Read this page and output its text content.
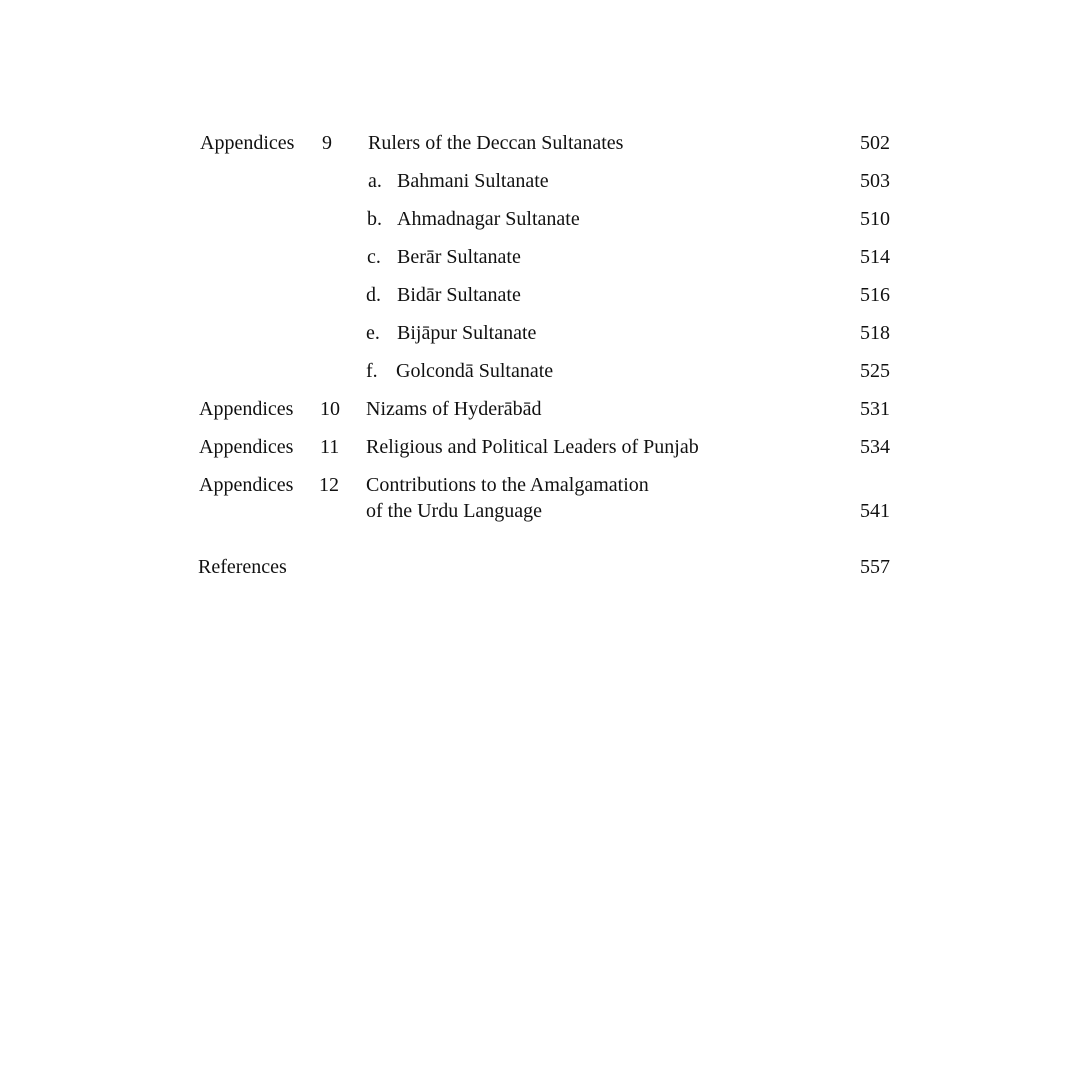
Appendices 9 Rulers of the Deccan Sultanates	502
a. Bahmani Sultanate	503
b. Ahmadnagar Sultanate	510
c. Berār Sultanate	514
d. Bidār Sultanate	516
e. Bijāpur Sultanate	518
f. Golcondā Sultanate	525
Appendices 10 Nizams of Hyderābād	531
Appendices 11 Religious and Political Leaders of Punjab	534
Appendices 12 Contributions to the Amalgamation
of the Urdu Language	541
References	557
